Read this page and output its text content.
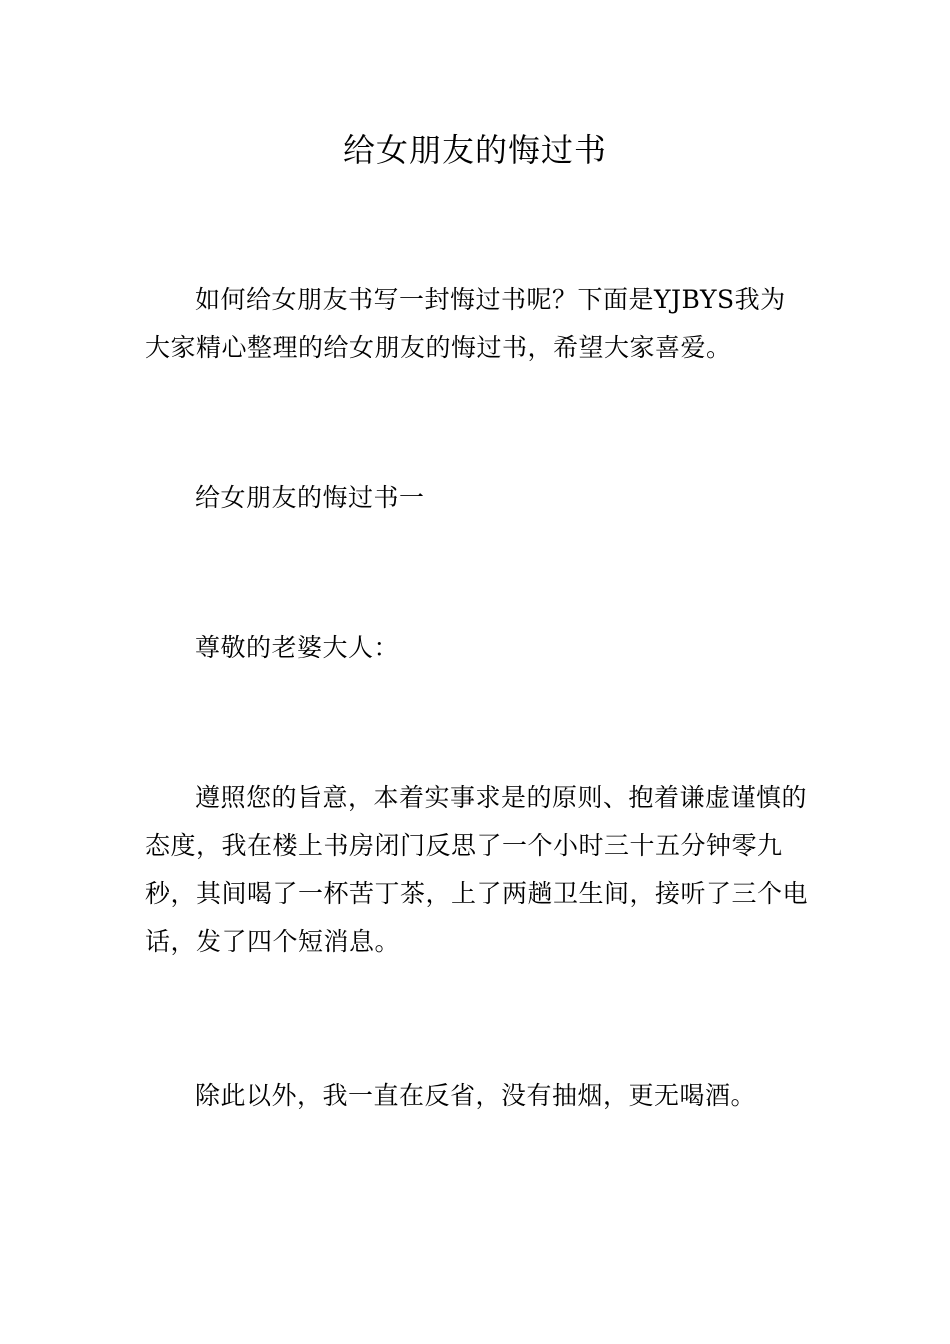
给女朋友的悔过书
如何给女朋友书写一封悔过书呢？下面是YJBYS我为大家精心整理的给女朋友的悔过书，希望大家喜爱。
给女朋友的悔过书一
尊敬的老婆大人：
遵照您的旨意，本着实事求是的原则、抱着谦虚谨慎的态度，我在楼上书房闭门反思了一个小时三十五分钟零九秒，其间喝了一杯苦丁茶，上了两趟卫生间，接听了三个电话，发了四个短消息。
除此以外，我一直在反省，没有抽烟，更无喝酒。
